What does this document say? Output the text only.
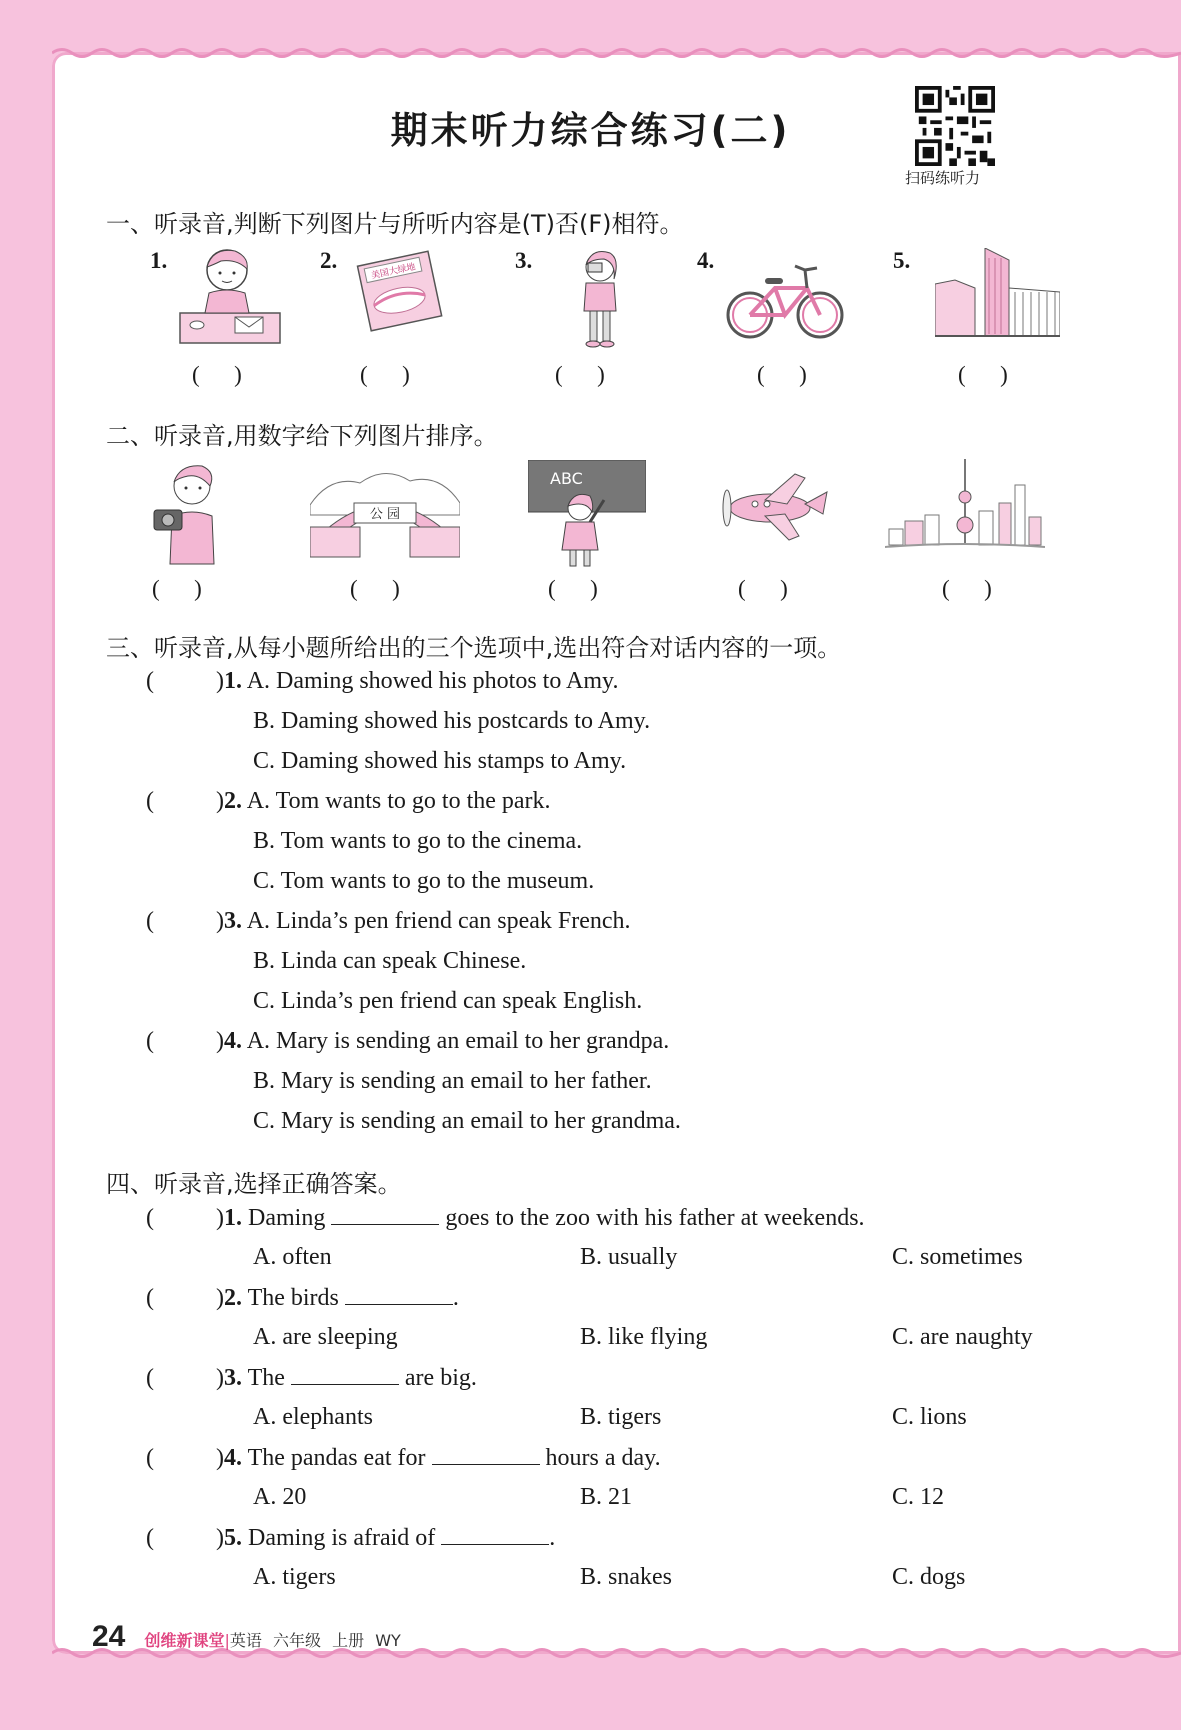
期末听力综合练习(二)
扫码练听力
一、听录音,判断下列图片与所听内容是(T)否(F)相符。
1.	2.	3.	4.	5.
美国大绿地
(      )	(      )	(      )	(      )	(      )
二、听录音,用数字给下列图片排序。
公 园
ABC
(      )	(      )	(      )	(      )	(      )
三、听录音,从每小题所给出的三个选项中,选出符合对话内容的一项。
(	)1. A. Daming showed his photos to Amy.
B. Daming showed his postcards to Amy.
C. Daming showed his stamps to Amy.
(	)2. A. Tom wants to go to the park.
B. Tom wants to go to the cinema.
C. Tom wants to go to the museum.
(	)3. A. Linda’s pen friend can speak French.
B. Linda can speak Chinese.
C. Linda’s pen friend can speak English.
(	)4. A. Mary is sending an email to her grandpa.
B. Mary is sending an email to her father.
C. Mary is sending an email to her grandma.
四、听录音,选择正确答案。
(	)1. Daming	goes to the zoo with his father at weekends.
A. often	B. usually	C. sometimes
(	)2. The birds	.
A. are sleeping	B. like flying	C. are naughty
(	)3. The	are big.
A. elephants	B. tigers	C. lions
(	)4. The pandas eat for	hours a day.
A. 20	B. 21	C. 12
(	)5. Daming is afraid of	.
A. tigers	B. snakes	C. dogs
24 创维新课堂|英语 六年级 上册 WY
